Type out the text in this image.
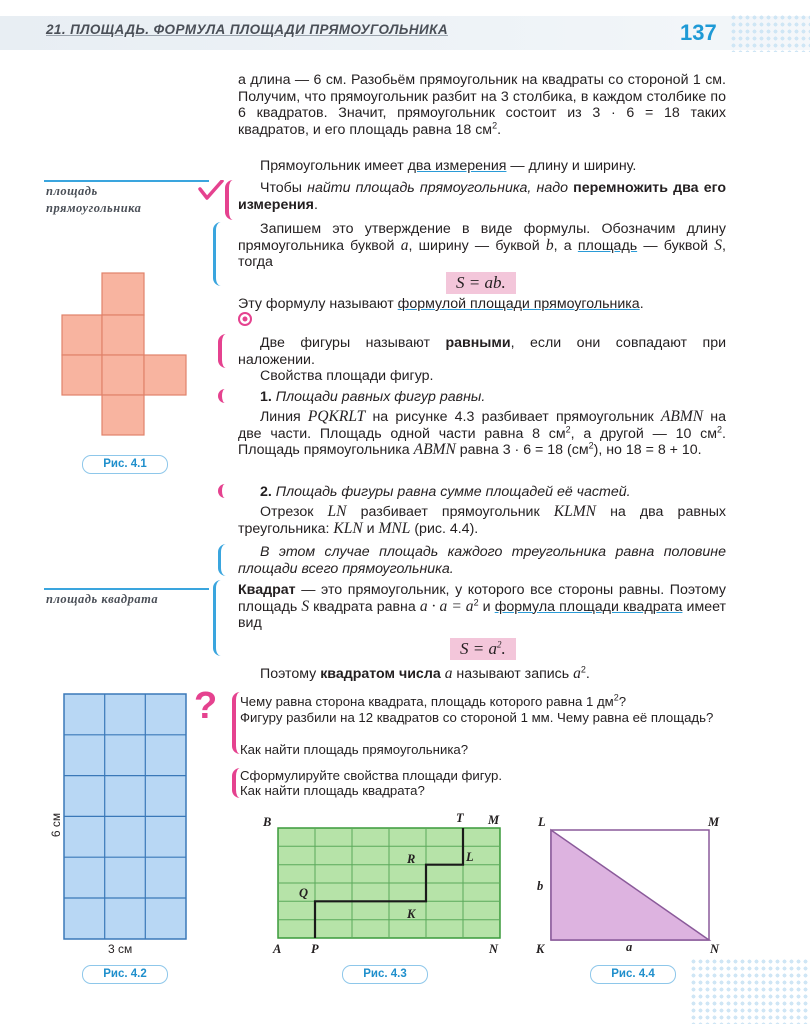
21. ПЛОЩАДЬ. ФОРМУЛА ПЛОЩАДИ ПРЯМОУГОЛЬНИКА	137
площадь
прямоугольника
площадь квадрата
а длина — 6 см. Разобьём прямоугольник на квадраты со стороной 1 см. Получим, что прямоугольник разбит на 3 столбика, в каждом столбике по 6 квадратов. Значит, прямоугольник состоит из 3 · 6 = 18 таких квадратов, и его площадь равна 18 $см^2$.
Прямоугольник имеет два измерения — длину и ширину.
Чтобы найти площадь прямоугольника, надо перемножить два его измерения.
Запишем это утверждение в виде формулы. Обозначим длину прямоугольника буквой a, ширину — буквой b, а площадь — буквой S, тогда
S = ab.
Эту формулу называют формулой площади прямоугольника.
Две фигуры называют равными, если они совпадают при наложении.
Свойства площади фигур.
1. Площади равных фигур равны.
Линия PQKRLT на рисунке 4.3 разбивает прямоугольник ABMN на две части. Площадь одной части равна 8 $см^2$, а другой — 10 $см^2$. Площадь прямоугольника ABMN равна 3 · 6 = 18 $(см^2)$, но 18 = 8 + 10.
2. Площадь фигуры равна сумме площадей её частей.
Отрезок LN разбивает прямоугольник KLMN на два равных треугольника: KLN и MNL (рис. 4.4).
В этом случае площадь каждого треугольника равна половине площади всего прямоугольника.
Квадрат — это прямоугольник, у которого все стороны равны. Поэтому площадь S квадрата равна $a \cdot a = a^2$ и формула площади квадрата имеет вид
$S = a^2$.
Поэтому квадратом числа a называют запись $a^2$.
? Чему равна сторона квадрата, площадь которого равна 1 $дм^2$?
Фигуру разбили на 12 квадратов со стороной 1 мм. Чему равна её площадь?
Как найти площадь прямоугольника?
Сформулируйте свойства площади фигур.
Как найти площадь квадрата?
Рис. 4.1
6 см
3 см
Рис. 4.2
B	T M
R	L
Q
K
A P	N
Рис. 4.3
L	M
K	N
b
a
Рис. 4.4
